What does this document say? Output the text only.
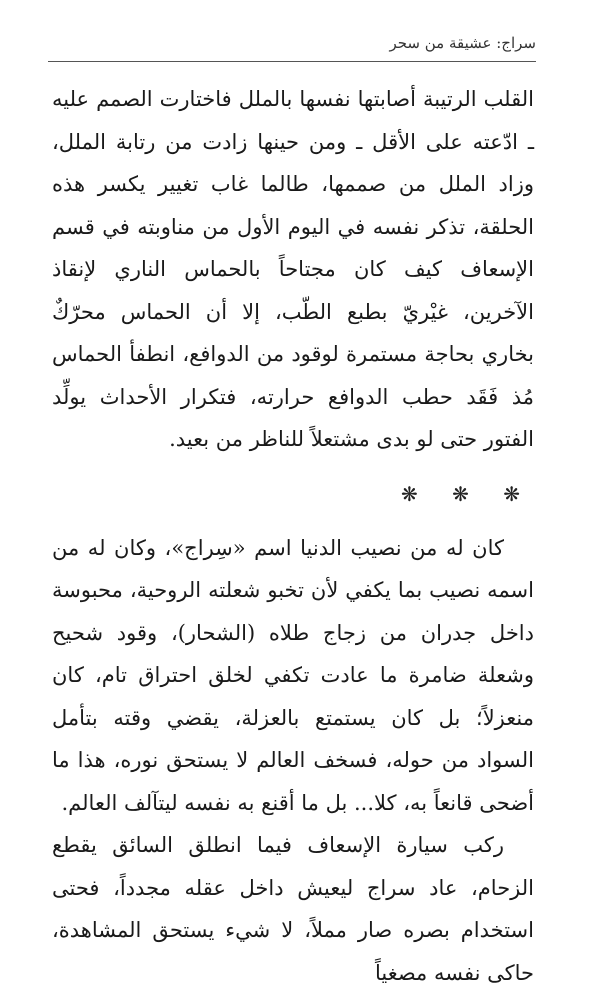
سراج: عشيقة من سحر

القلب الرتيبة أصابتها نفسها بالملل فاختارت الصمم عليه ـ ادّعته على الأقل ـ ومن حينها زادت من رتابة الملل، وزاد الملل من صممها، طالما غاب تغيير يكسر هذه الحلقة، تذكر نفسه في اليوم الأول من مناوبته في قسم الإسعاف كيف كان مجتاحاً بالحماس الناري لإنقاذ الآخرين، غيْريّ بطبع الطّب، إلا أن الحماس محرّكٌ بخاري بحاجة مستمرة لوقود من الدوافع، انطفأ الحماس مُذ فَقَد حطب الدوافع حرارته، فتكرار الأحداث يولِّد الفتور حتى لو بدى مشتعلاً للناظر من بعيد.

❋ ❋ ❋

كان له من نصيب الدنيا اسم «سِراج»، وكان له من اسمه نصيب بما يكفي لأن تخبو شعلته الروحية، محبوسة داخل جدران من زجاج طلاه (الشحار)، وقود شحيح وشعلة ضامرة ما عادت تكفي لخلق احتراق تام، كان منعزلاً؛ بل كان يستمتع بالعزلة، يقضي وقته بتأمل السواد من حوله، فسخف العالم لا يستحق نوره، هذا ما أضحى قانعاً به، كلا... بل ما أقنع به نفسه ليتآلف العالم.

ركب سيارة الإسعاف فيما انطلق السائق يقطع الزحام، عاد سراج ليعيش داخل عقله مجدداً، فحتى استخدام بصره صار مملاً، لا شيء يستحق المشاهدة، حاكى نفسه مصغياً
